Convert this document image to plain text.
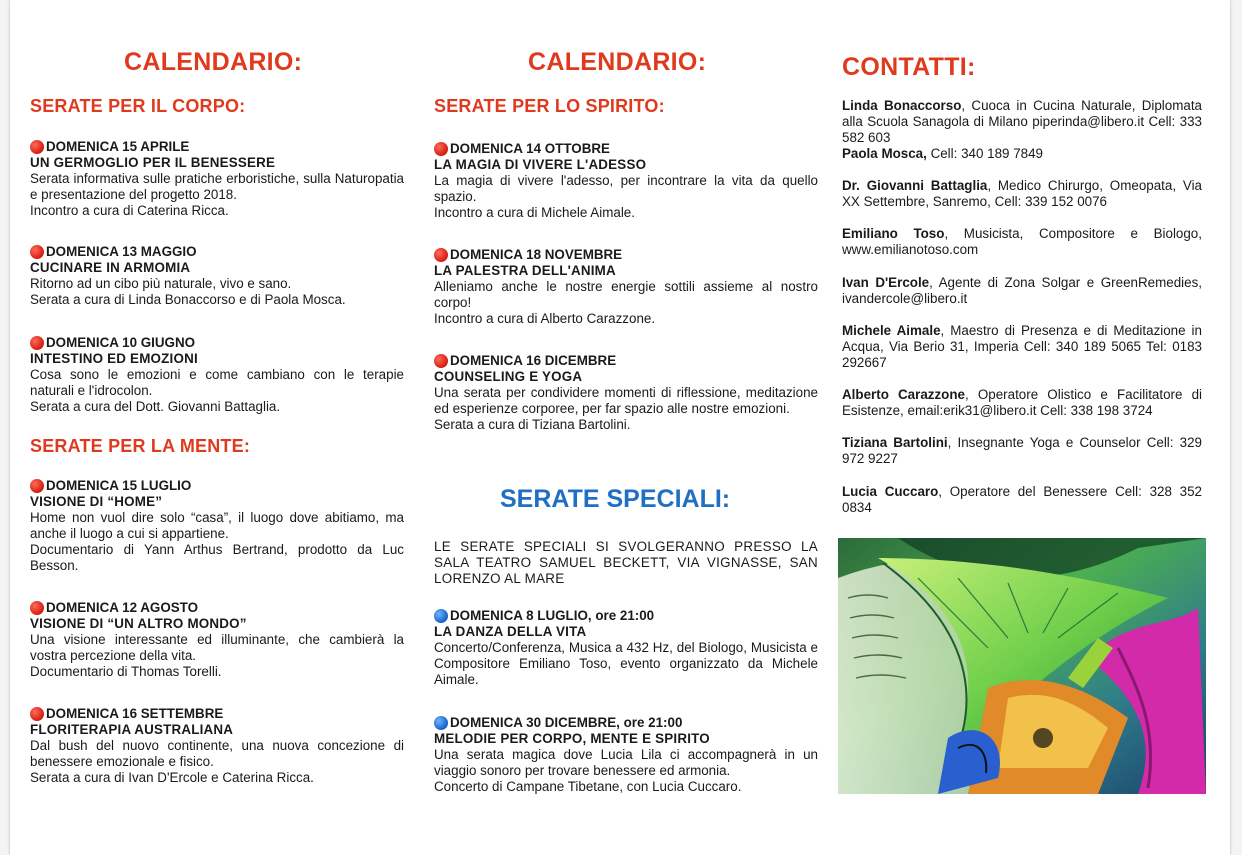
CALENDARIO:
SERATE PER IL CORPO:
DOMENICA 15 APRILE
UN GERMOGLIO PER IL BENESSERE
Serata informativa sulle pratiche erboristiche, sulla Naturopatia e presentazione del progetto 2018.
Incontro a cura di Caterina Ricca.
DOMENICA 13 MAGGIO
CUCINARE IN ARMOMIA
Ritorno ad un cibo più naturale, vivo e sano.
Serata a cura di Linda Bonaccorso e di Paola Mosca.
DOMENICA 10 GIUGNO
INTESTINO ED EMOZIONI
Cosa sono le emozioni e come cambiano con le terapie naturali e l'idrocolon.
Serata a cura del Dott. Giovanni Battaglia.
SERATE PER LA MENTE:
DOMENICA 15 LUGLIO
VISIONE DI “HOME”
Home non vuol dire solo “casa”, il luogo dove abitiamo, ma anche il luogo a cui si appartiene.
Documentario di Yann Arthus Bertrand, prodotto da Luc Besson.
DOMENICA 12 AGOSTO
VISIONE DI “UN ALTRO MONDO”
Una visione interessante ed illuminante, che cambierà la vostra percezione della vita.
Documentario di Thomas Torelli.
DOMENICA 16 SETTEMBRE
FLORITERAPIA AUSTRALIANA
Dal bush del nuovo continente, una nuova concezione di benessere emozionale e fisico.
Serata a cura di Ivan D'Ercole e Caterina Ricca.
CALENDARIO:
SERATE PER LO SPIRITO:
DOMENICA 14 OTTOBRE
LA MAGIA DI VIVERE L'ADESSO
La magia di vivere l'adesso, per incontrare la vita da quello spazio.
Incontro a cura di Michele Aimale.
DOMENICA 18 NOVEMBRE
LA PALESTRA DELL'ANIMA
Alleniamo anche le nostre energie sottili assieme al nostro corpo!
Incontro a cura di Alberto Carazzone.
DOMENICA 16 DICEMBRE
COUNSELING E YOGA
Una serata per condividere momenti di riflessione, meditazione ed esperienze corporee, per far spazio alle nostre emozioni.
Serata a cura di Tiziana Bartolini.
SERATE SPECIALI:
LE SERATE SPECIALI SI SVOLGERANNO PRESSO LA SALA TEATRO SAMUEL BECKETT, VIA VIGNASSE, SAN LORENZO AL MARE
DOMENICA 8 LUGLIO, ore 21:00
LA DANZA DELLA VITA
Concerto/Conferenza, Musica a 432 Hz, del Biologo, Musicista e Compositore Emiliano Toso, evento organizzato da Michele Aimale.
DOMENICA 30 DICEMBRE, ore 21:00
MELODIE PER CORPO, MENTE E SPIRITO
Una serata magica dove Lucia Lila ci accompagnerà in un viaggio sonoro per trovare benessere ed armonia.
Concerto di Campane Tibetane, con Lucia Cuccaro.
CONTATTI:
Linda Bonaccorso, Cuoca in Cucina Naturale, Diplomata alla Scuola Sanagola di Milano piperinda@libero.it Cell: 333 582 603
Paola Mosca, Cell: 340 189 7849
Dr. Giovanni Battaglia, Medico Chirurgo, Omeopata, Via XX Settembre, Sanremo, Cell: 339 152 0076
Emiliano Toso, Musicista, Compositore e Biologo, www.emilianotoso.com
Ivan D'Ercole, Agente di Zona Solgar e GreenRemedies, ivandercole@libero.it
Michele Aimale, Maestro di Presenza e di Meditazione in Acqua, Via Berio 31, Imperia Cell: 340 189 5065 Tel: 0183 292667
Alberto Carazzone, Operatore Olistico e Facilitatore di Esistenze, email:erik31@libero.it Cell: 338 198 3724
Tiziana Bartolini, Insegnante Yoga e Counselor Cell: 329 972 9227
Lucia Cuccaro, Operatore del Benessere Cell: 328 352 0834
